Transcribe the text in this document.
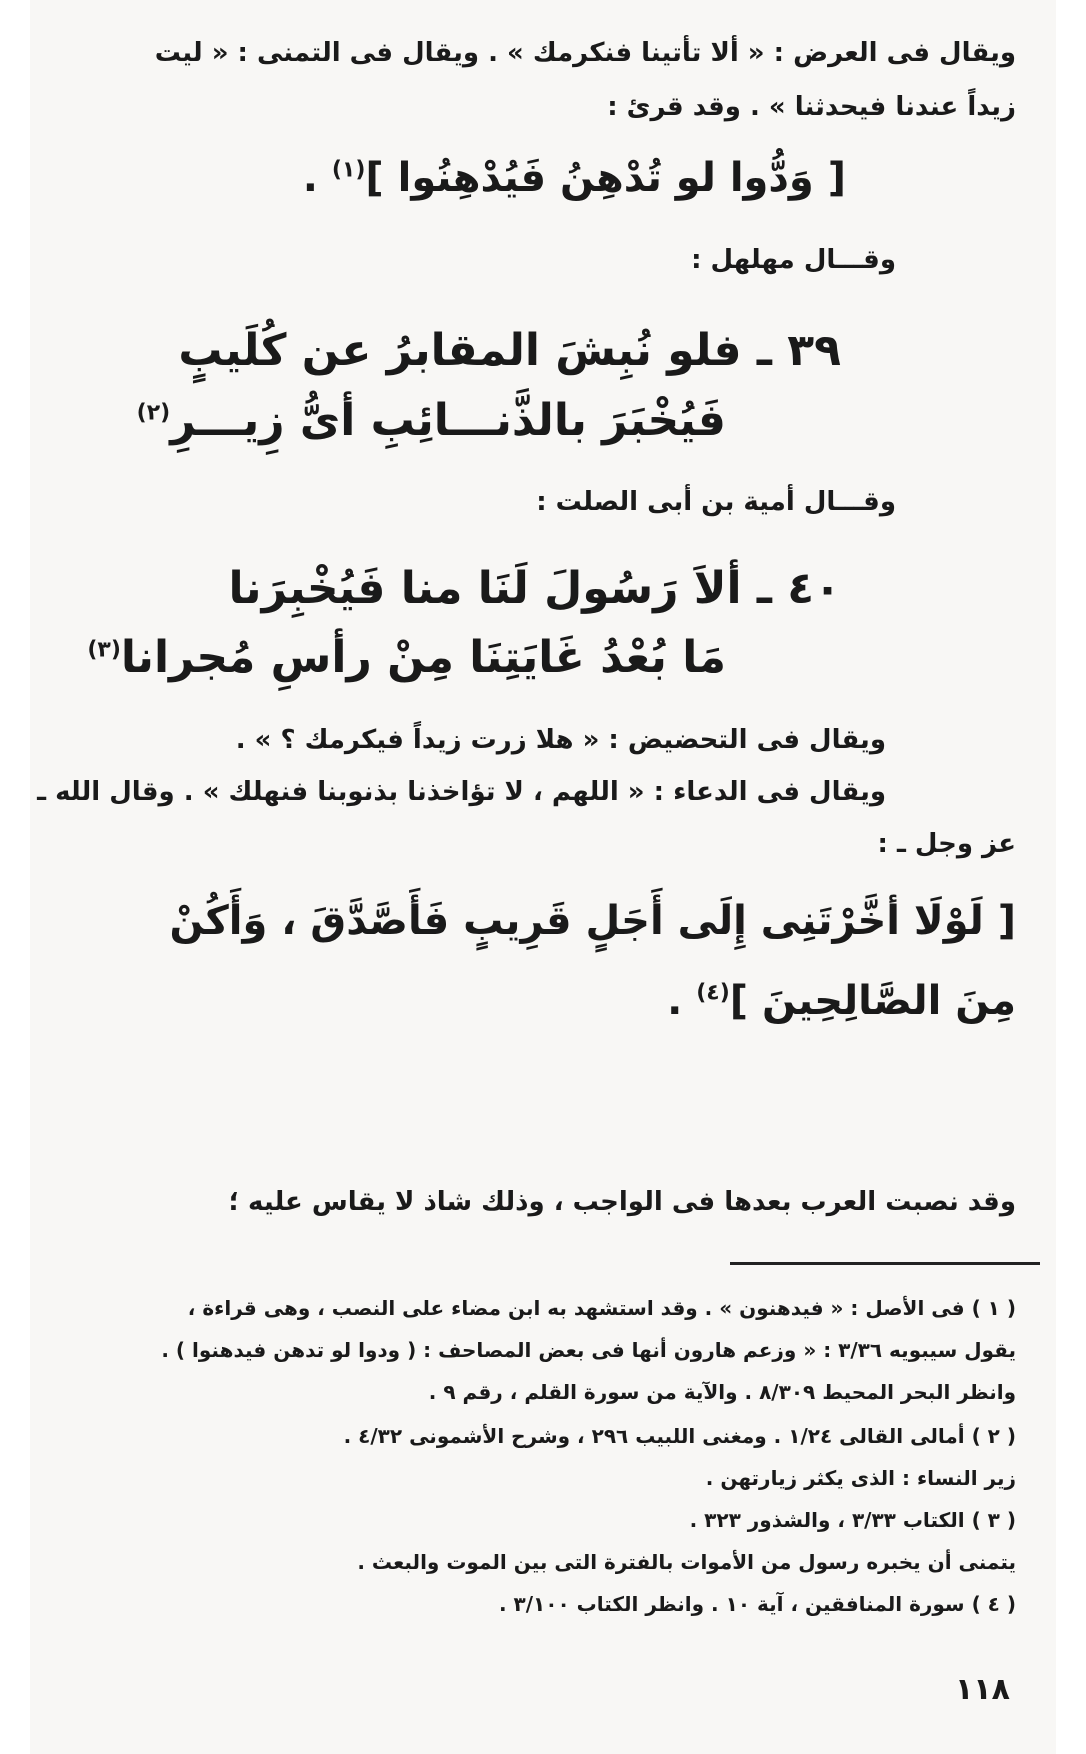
ويقال فى العرض : « ألا تأتينا فنكرمك » . ويقال فى التمنى : « ليت
زيداً عندنا فيحدثنا » . وقد قرئ :
[ وَدُّوا لو تُدْهِنُ فَيُدْهِنُوا ]$^{(١)}$ .
وقـــال مهلهل :
٣٩ ـ فلو نُبِشَ المقابرُ عن كُلَيبٍ
فَيُخْبَرَ بالذَّنـــائِبِ أىُّ زِيـــرِ$^{(٢)}$
وقـــال أمية بن أبى الصلت :
٤٠ ـ ألاَ رَسُولَ لَنَا منا فَيُخْبِرَنا
مَا بُعْدُ غَايَتِنَا مِنْ رأسِ مُجرانا$^{(٣)}$
ويقال فى التحضيض : « هلا زرت زيداً فيكرمك ؟ » .
ويقال فى الدعاء : « اللهم ، لا تؤاخذنا بذنوبنا فنهلك » . وقال الله ـ
عز وجل ـ :
[ لَوْلَا أخَّرْتَنِى إِلَى أَجَلٍ قَرِيبٍ فَأَصَّدَّقَ ، وَأَكُنْ
مِنَ الصَّالِحِينَ ]$^{(٤)}$ .
وقد نصبت العرب بعدها فى الواجب ، وذلك شاذ لا يقاس عليه ؛
( ١ ) فى الأصل : « فيدهنون » . وقد استشهد به ابن مضاء على النصب ، وهى قراءة ،
يقول سيبويه ٣/٣٦ : « وزعم هارون أنها فى بعض المصاحف : ( ودوا لو تدهن فيدهنوا ) .
وانظر البحر المحيط ٨/٣٠٩ . والآية من سورة القلم ، رقم ٩ .
( ٢ ) أمالى القالى ١/٢٤ . ومغنى اللبيب ٢٩٦ ، وشرح الأشمونى ٤/٣٢ .
زير النساء : الذى يكثر زيارتهن .
( ٣ ) الكتاب ٣/٣٣ ، والشذور ٣٢٣ .
يتمنى أن يخبره رسول من الأموات بالفترة التى بين الموت والبعث .
( ٤ ) سورة المنافقين ، آية ١٠ . وانظر الكتاب ٣/١٠٠ .
١١٨
